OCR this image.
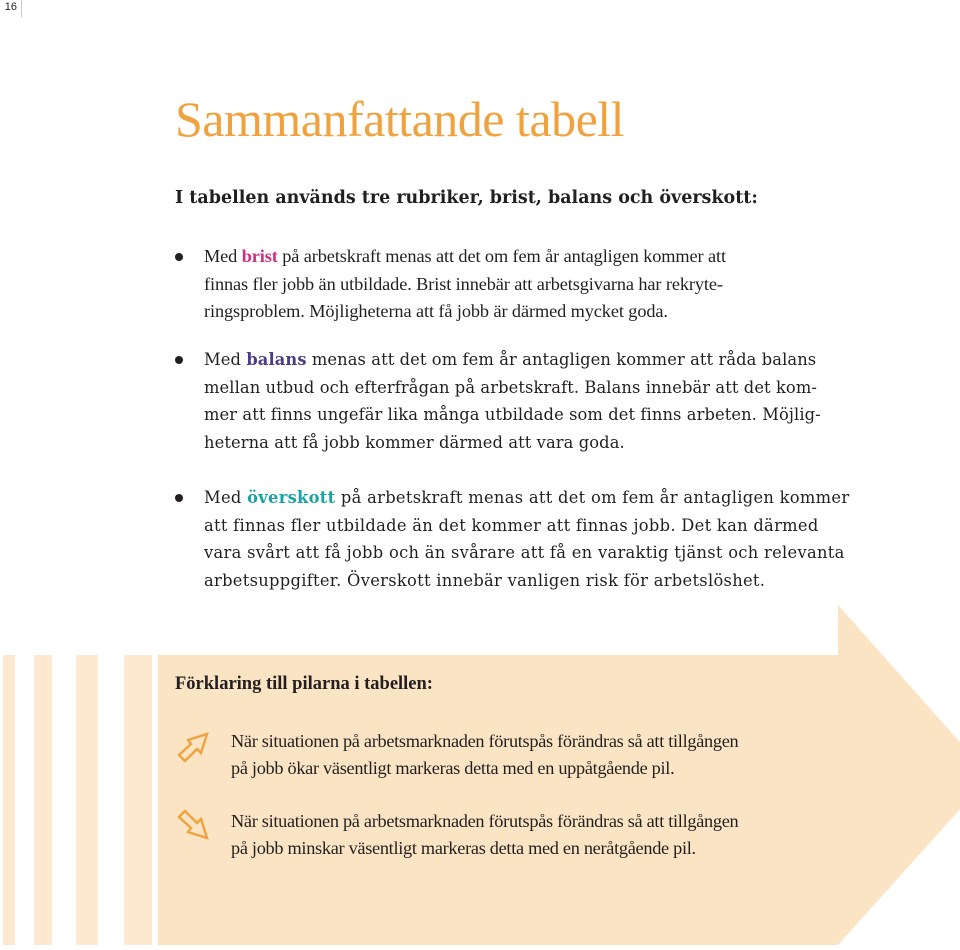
16
Sammanfattande tabell
I tabellen används tre rubriker, brist, balans och överskott:
Med brist på arbetskraft menas att det om fem år antagligen kommer att
finnas fler jobb än utbildade. Brist innebär att arbetsgivarna har rekryte-
ringsproblem. Möjligheterna att få jobb är därmed mycket goda.
Med balans menas att det om fem år antagligen kommer att råda balans
mellan utbud och efterfrågan på arbetskraft. Balans innebär att det kom-
mer att finns ungefär lika många utbildade som det finns arbeten. Möjlig-
heterna att få jobb kommer därmed att vara goda.
Med överskott på arbetskraft menas att det om fem år antagligen kommer
att finnas fler utbildade än det kommer att finnas jobb. Det kan därmed
vara svårt att få jobb och än svårare att få en varaktig tjänst och relevanta
arbetsuppgifter. Överskott innebär vanligen risk för arbetslöshet.
Förklaring till pilarna i tabellen:
När situationen på arbetsmarknaden förutspås förändras så att tillgången
på jobb ökar väsentligt markeras detta med en uppåtgående pil.
När situationen på arbetsmarknaden förutspås förändras så att tillgången
på jobb minskar väsentligt markeras detta med en neråtgående pil.
